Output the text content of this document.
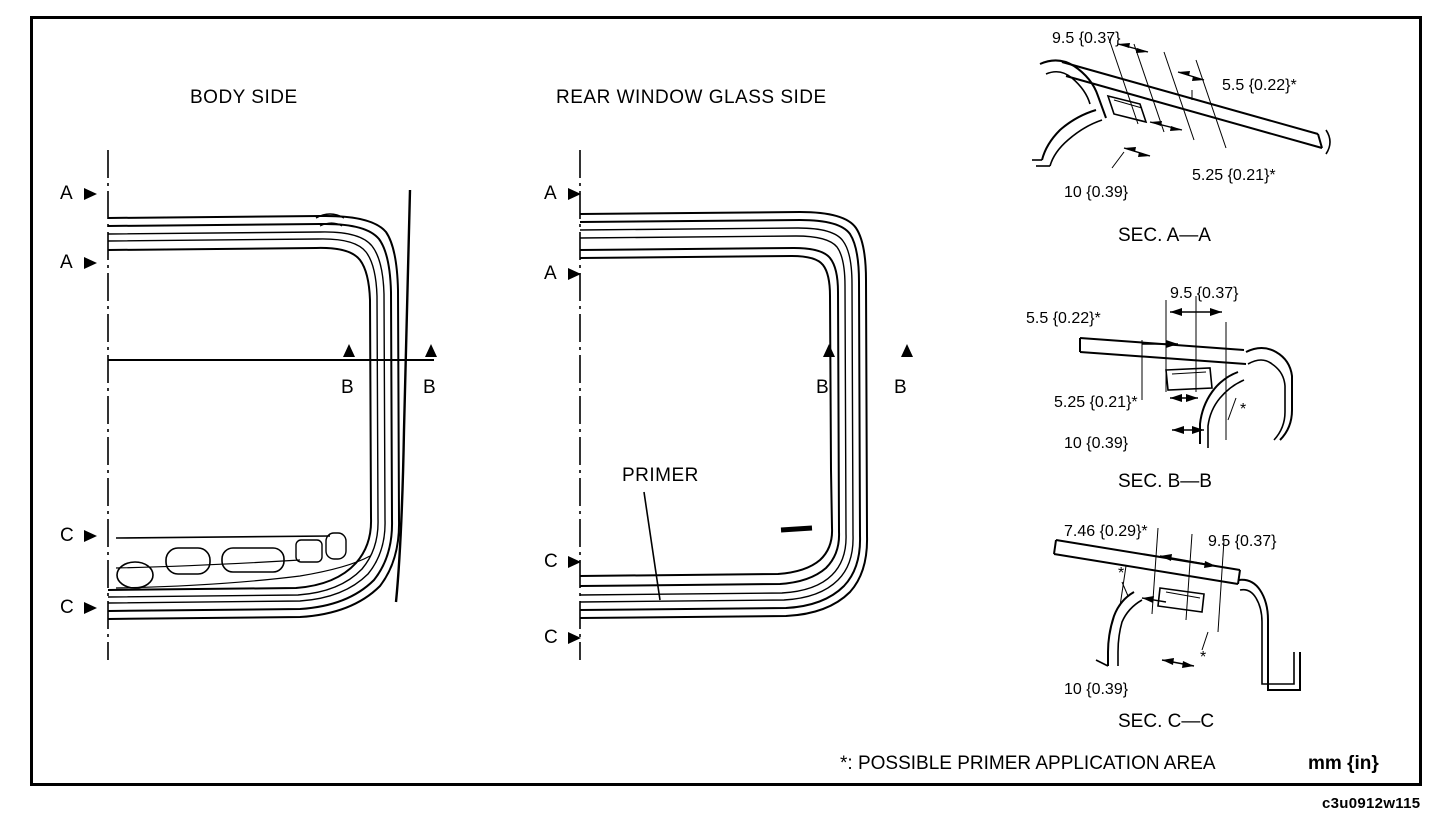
BODY SIDE
A
A
C
C
B	B
REAR WINDOW GLASS SIDE
A
A
C
C
B	B
PRIMER
9.5 {0.37}
5.5 {0.22}*
5.25 {0.21}*
10 {0.39}
SEC. A—A
9.5 {0.37}
5.5 {0.22}*
5.25 {0.21}*
10 {0.39}
*
SEC. B—B
7.46 {0.29}*
9.5 {0.37}
10 {0.39}
*
*
SEC. C—C
*: POSSIBLE PRIMER APPLICATION AREA	mm {in}
c3u0912w115
